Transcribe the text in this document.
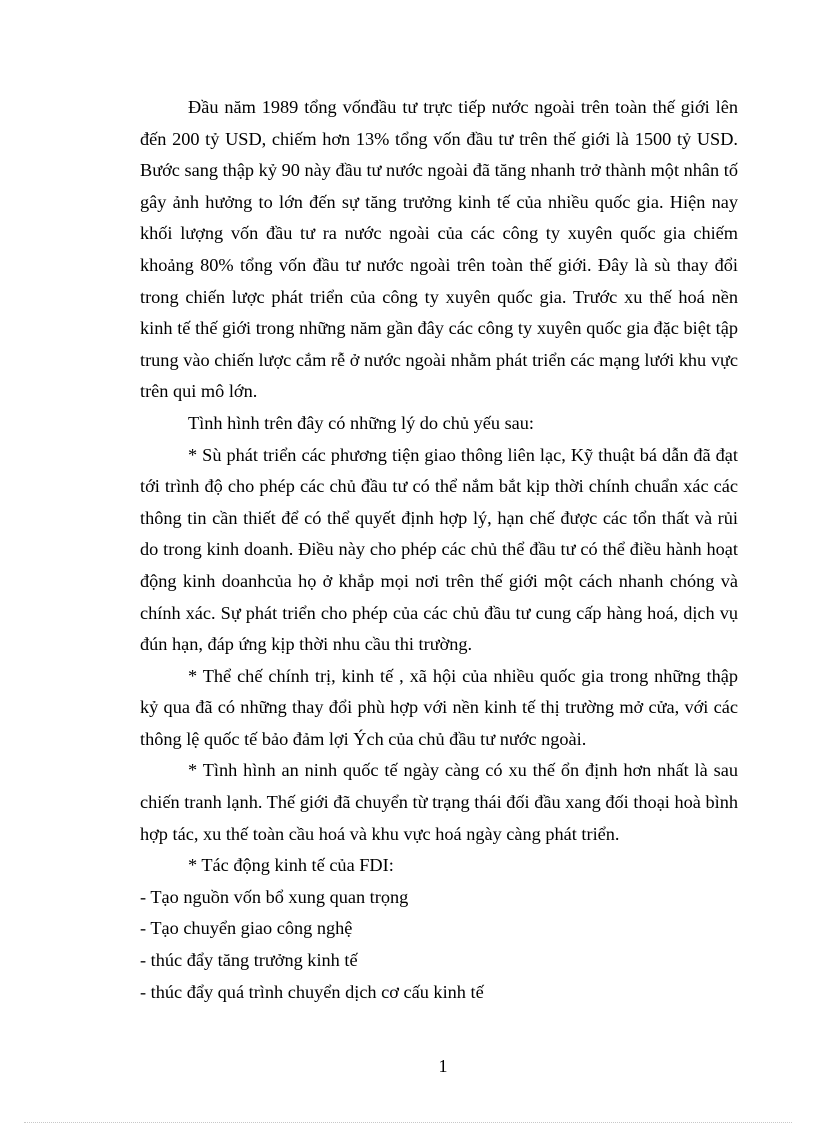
Đầu năm 1989 tổng vốnđầu tư trực tiếp nước ngoài trên toàn thế giới lên đến 200 tỷ USD, chiếm hơn 13% tổng vốn đầu tư trên thế giới là 1500 tỷ USD. Bước sang thập kỷ 90 này đầu tư nước ngoài đã tăng nhanh trở thành một nhân tố gây ảnh hưởng to lớn đến sự tăng trưởng kinh tế của nhiều quốc gia. Hiện nay khối lượng vốn đầu tư ra nước ngoài của các công ty xuyên quốc gia chiếm khoảng 80% tổng vốn đầu tư nước ngoài trên toàn thế giới. Đây là sù thay đổi trong chiến lược phát triển của công ty xuyên quốc gia. Trước xu thế hoá nền kinh tế thế giới trong những năm gần đây các công ty xuyên quốc gia đặc biệt tập trung vào chiến lược cắm rễ ở nước ngoài nhằm phát triển các mạng lưới khu vực trên qui mô lớn.

Tình hình trên đây có những lý do chủ yếu sau:

* Sù phát triển các phương tiện giao thông liên lạc, Kỹ thuật bá dẫn đã đạt tới trình độ cho phép các chủ đầu tư có thể nắm bắt kịp thời chính chuẩn xác các thông tin cần thiết để có thể quyết định hợp lý, hạn chế được các tổn thất và rủi do trong kinh doanh. Điều này cho phép các chủ thể đầu tư có thể điều hành hoạt động kinh doanhcủa họ ở khắp mọi nơi trên thế giới một cách nhanh chóng và chính xác. Sự phát triển cho phép của các chủ đầu tư cung cấp hàng hoá, dịch vụ đún hạn, đáp ứng kịp thời nhu cầu thi trường.

* Thể chế chính trị, kinh tế , xã hội của nhiều quốc gia trong những thập kỷ qua đã có những thay đổi phù hợp với nền kinh tế thị trường mở cửa, với các thông lệ quốc tế bảo đảm lợi Ých của chủ đầu tư nước ngoài.

* Tình hình an ninh quốc tế ngày càng có xu thế ổn định hơn nhất là sau chiến tranh lạnh. Thế giới đã chuyển từ trạng thái đối đầu xang đối thoại hoà bình hợp tác, xu thế toàn cầu hoá và khu vực hoá ngày càng phát triển.

* Tác động kinh tế của FDI:

- Tạo nguồn vốn bổ xung quan trọng
- Tạo chuyển giao công nghệ
- thúc đẩy tăng trưởng kinh tế
- thúc đẩy quá trình chuyển dịch cơ cấu kinh tế
1
